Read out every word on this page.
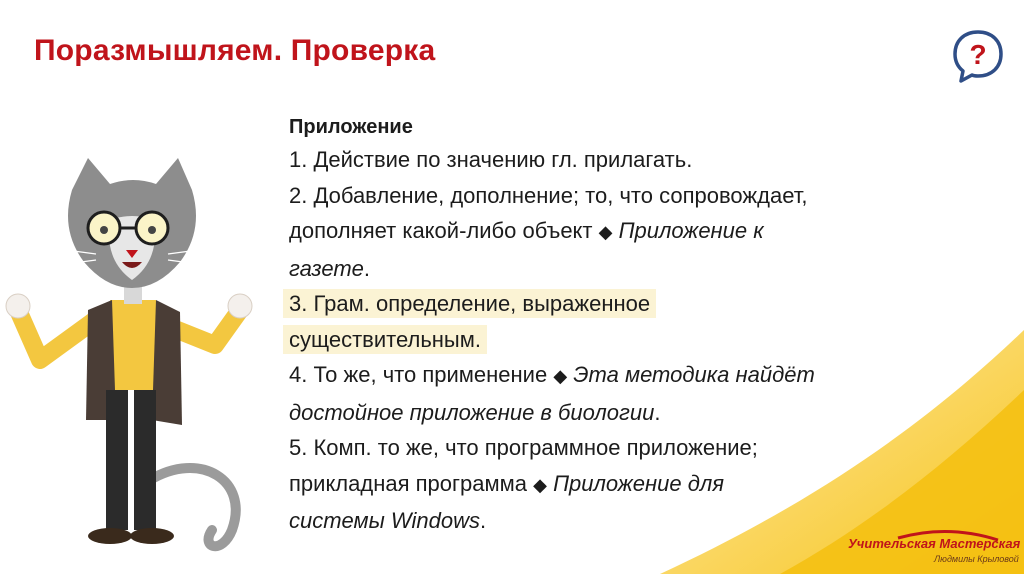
Поразмышляем. Проверка	?

Приложение

1. Действие по значению гл. прилагать.

2. Добавление, дополнение; то, что сопровождает,

дополняет какой-либо объект ◆ Приложение к

газете.

3. Грам. определение, выраженное

существительным.

4. То же, что применение ◆ Эта методика найдёт

достойное приложение в биологии.

5. Комп. то же, что программное приложение;

прикладная программа ◆ Приложение для

системы Windows.

Учительская Мастерская

Людмилы Крыловой
